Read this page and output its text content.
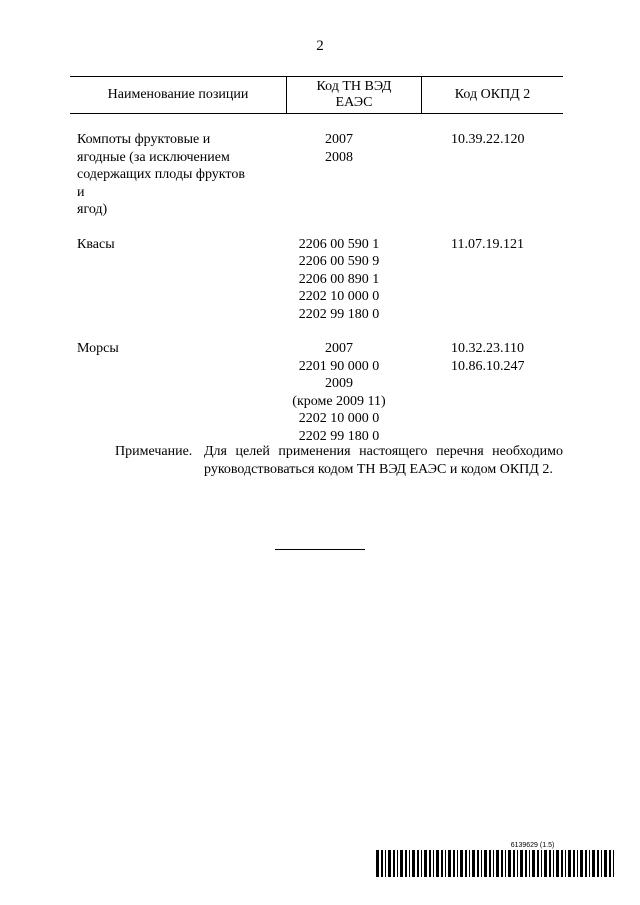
2
Наименование позиции
Код ТН ВЭД
ЕАЭС
Код ОКПД 2
Компоты фруктовые и
ягодные (за исключением
содержащих плоды фруктов и
ягод)
2007
2008
10.39.22.120
Квасы	2206 00 590 1
2206 00 590 9
2206 00 890 1
2202 10 000 0
2202 99 180 0
11.07.19.121
Морсы	2007
2201 90 000 0
2009
(кроме 2009 11)
2202 10 000 0
2202 99 180 0
10.32.23.110
10.86.10.247
Примечание. Для целей применения настоящего перечня необходимо руководствоваться кодом ТН ВЭД ЕАЭС и кодом ОКПД 2.
6139629 (1.5)
